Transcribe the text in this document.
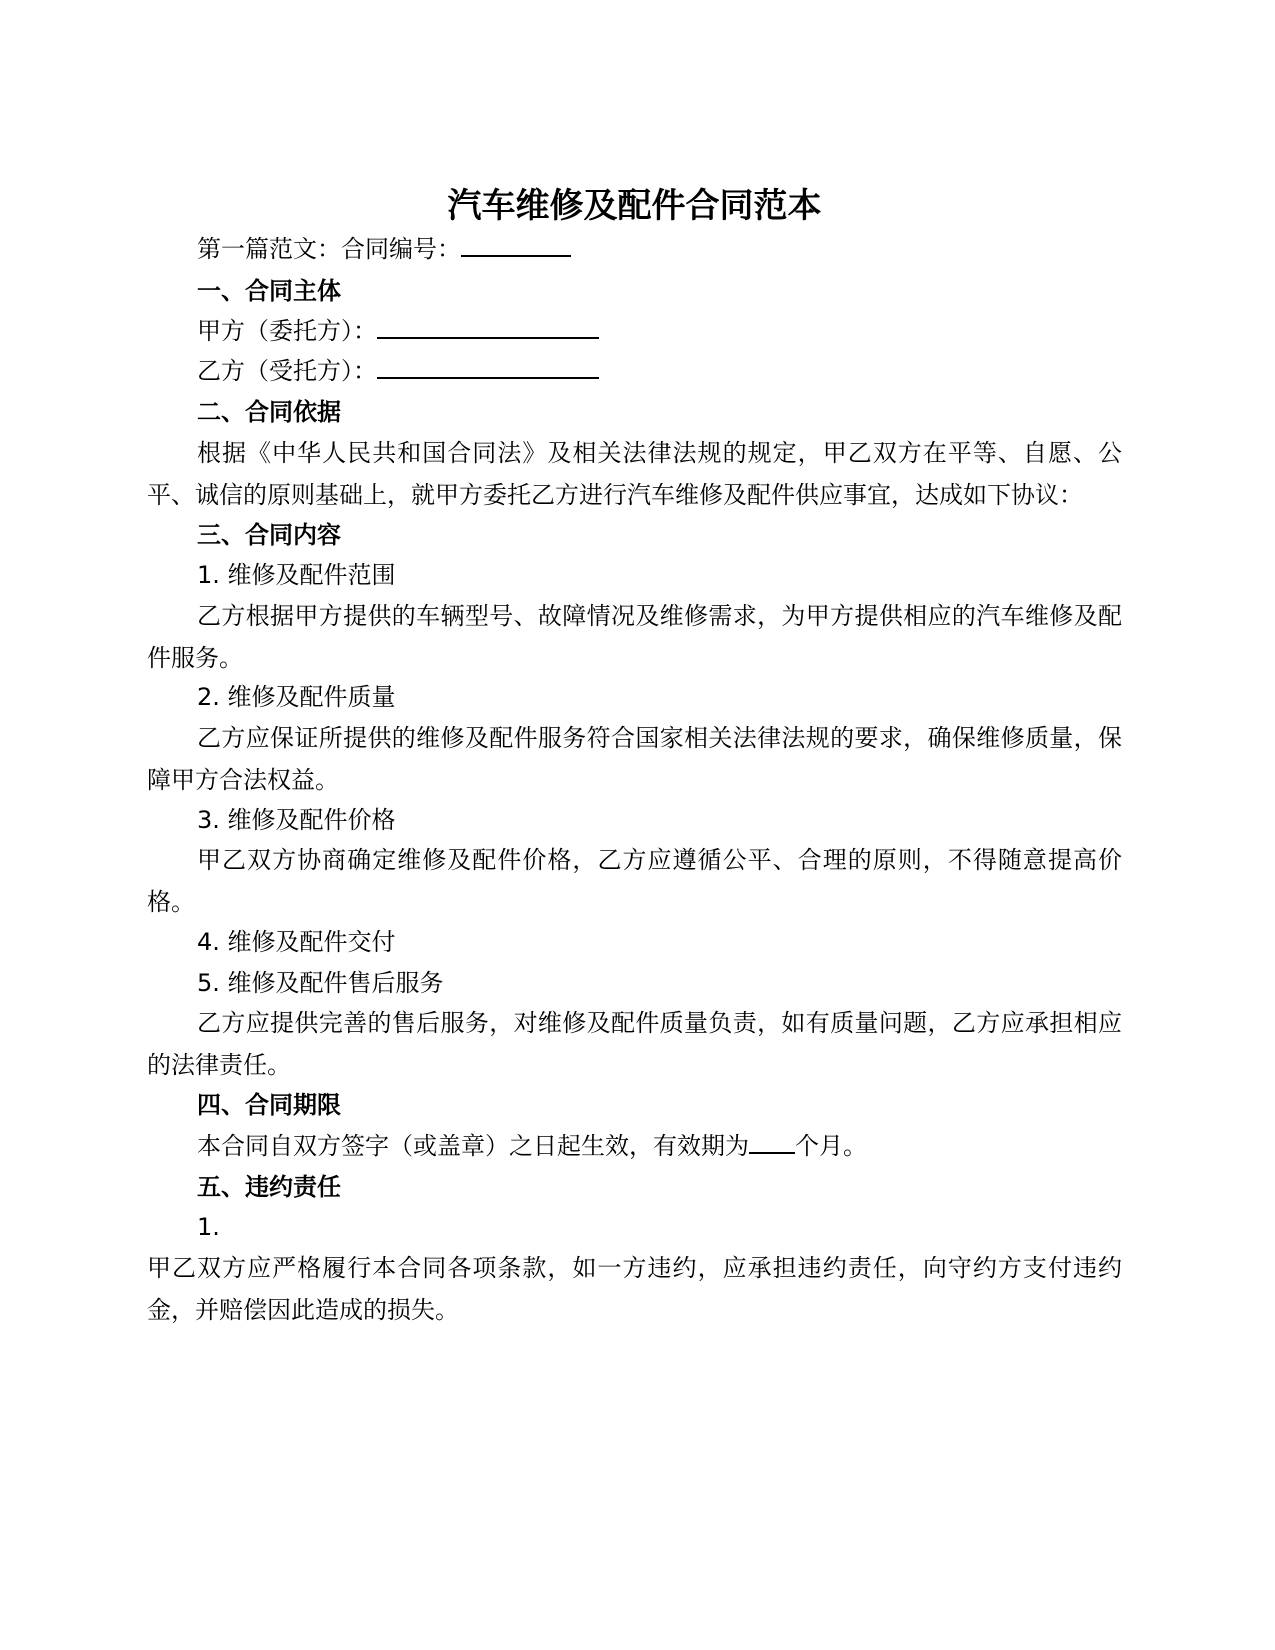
汽车维修及配件合同范本

第一篇范文：合同编号：

一、合同主体

甲方（委托方）：

乙方（受托方）：

二、合同依据

根据《中华人民共和国合同法》及相关法律法规的规定，甲乙双方在平等、自愿、公平、诚信的原则基础上，就甲方委托乙方进行汽车维修及配件供应事宜，达成如下协议：

三、合同内容

1. 维修及配件范围

乙方根据甲方提供的车辆型号、故障情况及维修需求，为甲方提供相应的汽车维修及配件服务。

2. 维修及配件质量

乙方应保证所提供的维修及配件服务符合国家相关法律法规的要求，确保维修质量，保障甲方合法权益。

3. 维修及配件价格

甲乙双方协商确定维修及配件价格，乙方应遵循公平、合理的原则，不得随意提高价格。

4. 维修及配件交付

5. 维修及配件售后服务

乙方应提供完善的售后服务，对维修及配件质量负责，如有质量问题，乙方应承担相应的法律责任。

四、合同期限

本合同自双方签字（或盖章）之日起生效，有效期为 个月。

五、违约责任

1.

甲乙双方应严格履行本合同各项条款，如一方违约，应承担违约责任，向守约方支付违约金，并赔偿因此造成的损失。
